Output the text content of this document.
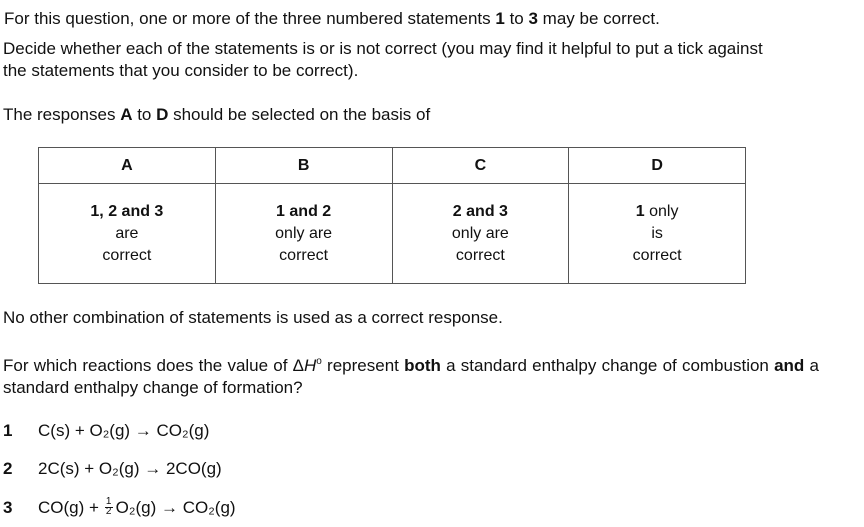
For this question, one or more of the three numbered statements 1 to 3 may be correct.
Decide whether each of the statements is or is not correct (you may find it helpful to put a tick against
the statements that you consider to be correct).
The responses A to D should be selected on the basis of
A	B	C	D

1, 2 and 3
are
correct	1 and 2
only are
correct	2 and 3
only are
correct	1 only
is
correct
No other combination of statements is used as a correct response.
For which reactions does the value of $\Delta H^o$ represent both a standard enthalpy change of combustion and a standard enthalpy change of formation?
1 C(s) + O₂(g) → CO₂(g)
2 2C(s) + O₂(g) → 2CO(g)
3 $CO(g) + \frac{1}{2} O_2(g) \to CO_2(g)$
